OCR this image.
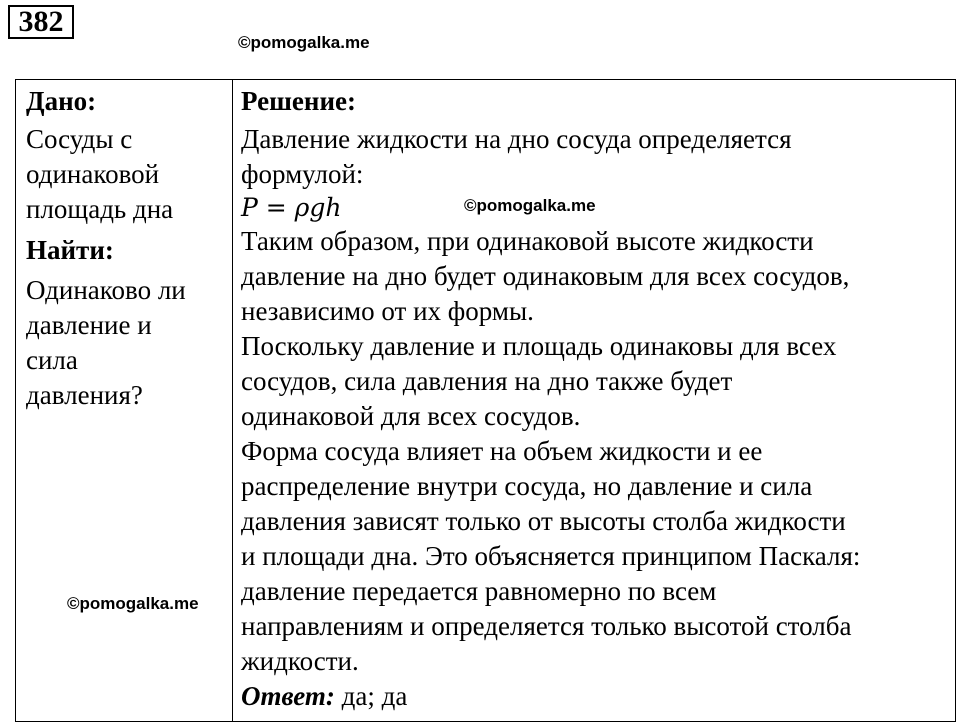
382
©pomogalka.me
©pomogalka.me
©pomogalka.me
Дано:
Сосуды с
одинаковой
площадь дна
Найти:
Одинаково ли
давление и
сила
давления?

Решение:
Давление жидкости на дно сосуда определяется
формулой:
P = ρgh
Таким образом, при одинаковой высоте жидкости
давление на дно будет одинаковым для всех сосудов,
независимо от их формы.
Поскольку давление и площадь одинаковы для всех
сосудов, сила давления на дно также будет
одинаковой для всех сосудов.
Форма сосуда влияет на объем жидкости и ее
распределение внутри сосуда, но давление и сила
давления зависят только от высоты столба жидкости
и площади дна. Это объясняется принципом Паскаля:
давление передается равномерно по всем
направлениям и определяется только высотой столба
жидкости.
Ответ: да; да
